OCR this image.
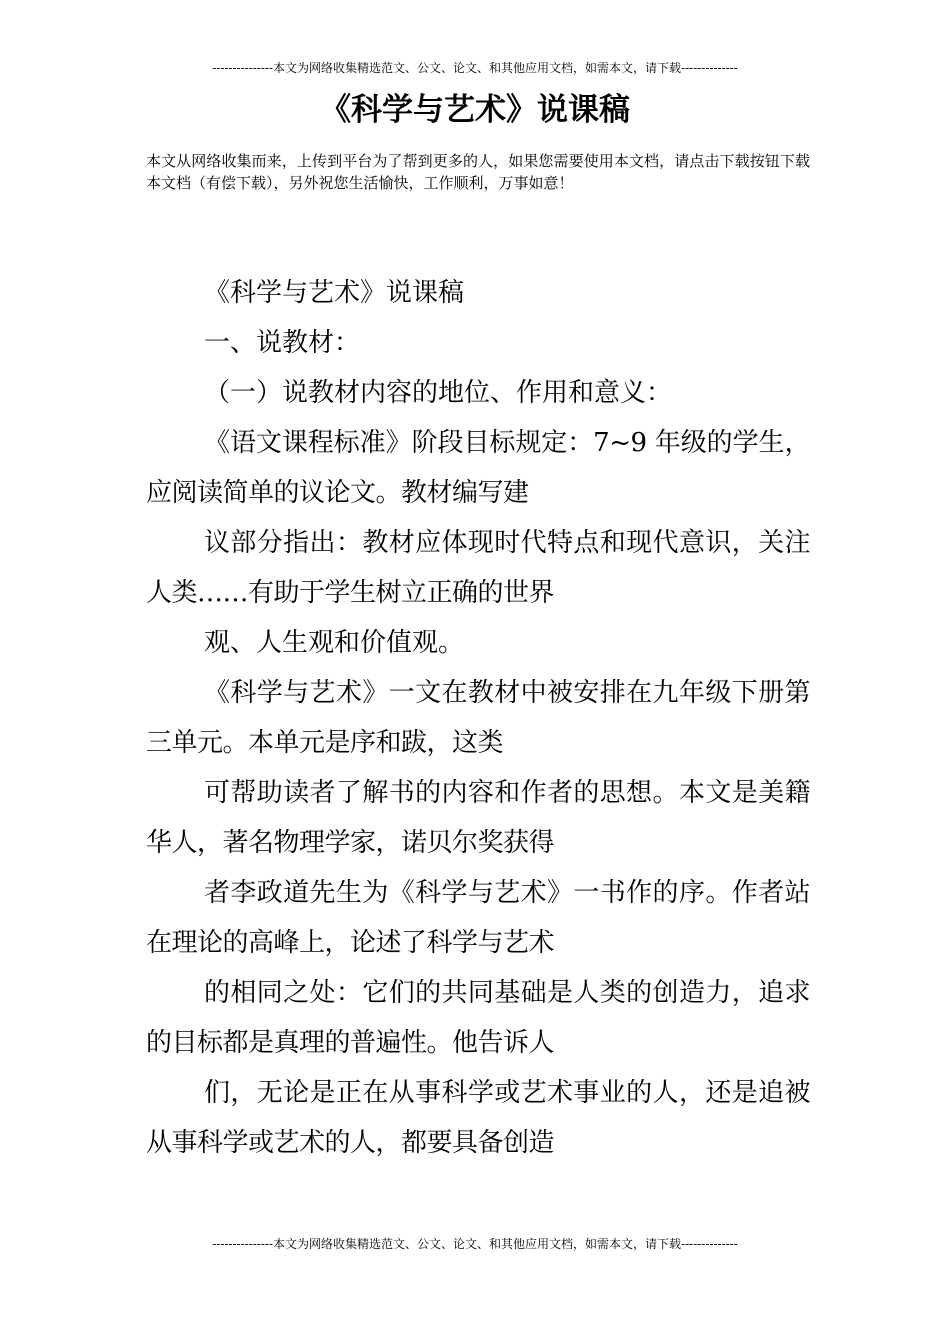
---------------本文为网络收集精选范文、公文、论文、和其他应用文档，如需本文，请下载--------------
《科学与艺术》说课稿
本文从网络收集而来，上传到平台为了帮到更多的人，如果您需要使用本文档，请点击下载按钮下载本文档（有偿下载），另外祝您生活愉快，工作顺利，万事如意！

《科学与艺术》说课稿

一、说教材：

（一）说教材内容的地位、作用和意义：

《语文课程标准》阶段目标规定：7~9 年级的学生，应阅读简单的议论文。教材编写建

议部分指出：教材应体现时代特点和现代意识，关注人类……有助于学生树立正确的世界

观、人生观和价值观。

《科学与艺术》一文在教材中被安排在九年级下册第三单元。本单元是序和跋，这类

可帮助读者了解书的内容和作者的思想。本文是美籍华人，著名物理学家，诺贝尔奖获得

者李政道先生为《科学与艺术》一书作的序。作者站在理论的高峰上，论述了科学与艺术

的相同之处：它们的共同基础是人类的创造力，追求的目标都是真理的普遍性。他告诉人

们，无论是正在从事科学或艺术事业的人，还是追被从事科学或艺术的人，都要具备创造

---------------本文为网络收集精选范文、公文、论文、和其他应用文档，如需本文，请下载--------------
